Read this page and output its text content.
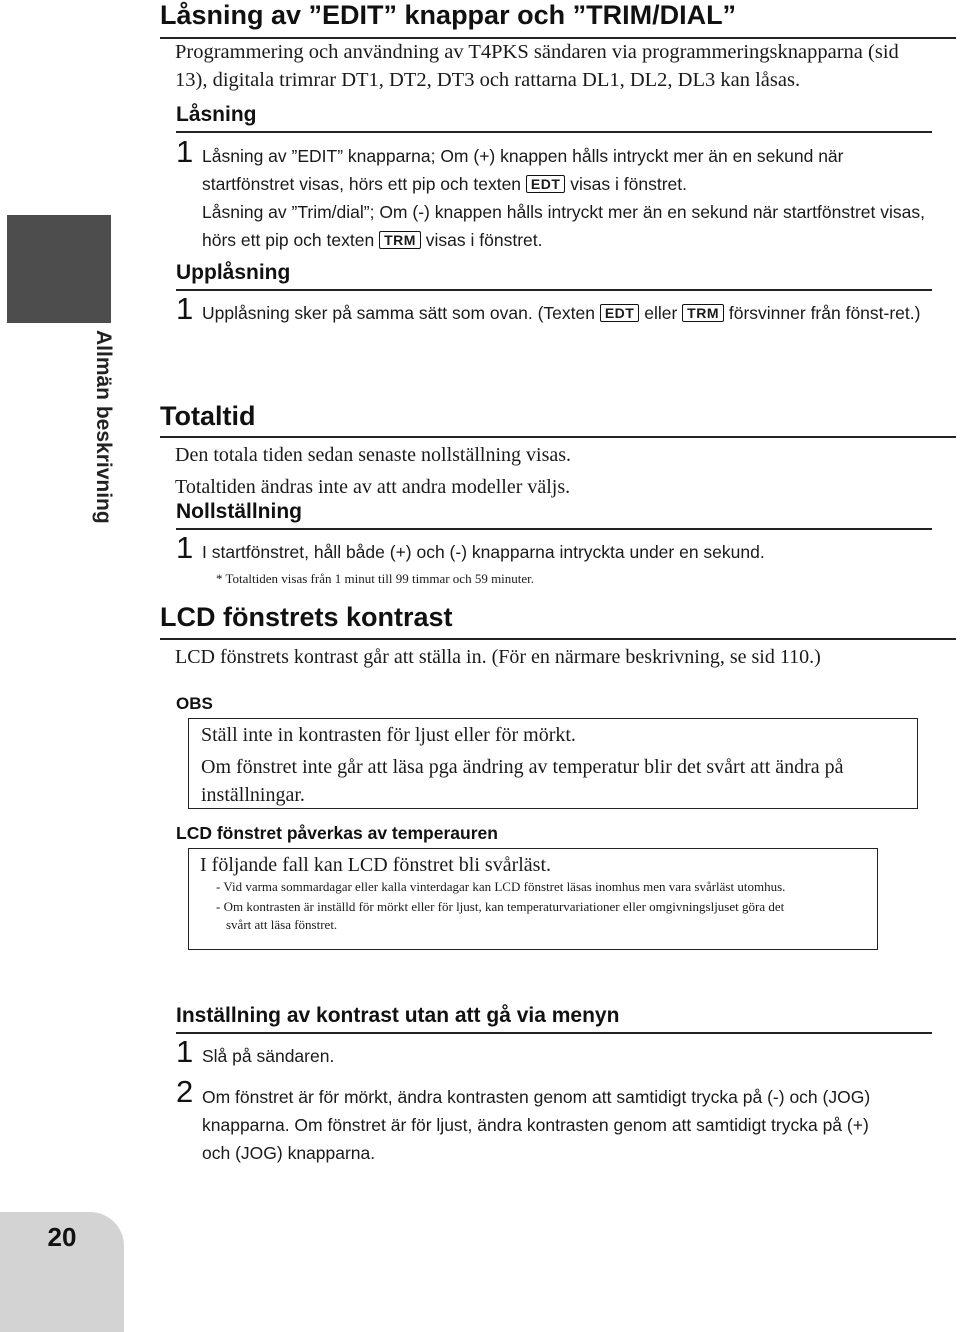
Allmän beskrivning
Låsning av ”EDIT” knappar och ”TRIM/DIAL”
Programmering och användning av T4PKS sändaren via programmeringsknapparna (sid 13), digitala trimrar DT1, DT2, DT3 och rattarna DL1, DL2, DL3 kan låsas.
Låsning
1 Låsning av ”EDIT” knapparna; Om (+) knappen hålls intryckt mer än en sekund när startfönstret visas, hörs ett pip och texten EDT visas i fönstret.
Låsning av ”Trim/dial”; Om (-) knappen hålls intryckt mer än en sekund när startfönstret visas, hörs ett pip och texten TRM visas i fönstret.
Upplåsning
1 Upplåsning sker på samma sätt som ovan. (Texten EDT eller TRM försvinner från fönst-ret.)
Totaltid
Den totala tiden sedan senaste nollställning visas.
Totaltiden ändras inte av att andra modeller väljs.
Nollställning
1 I startfönstret, håll både (+) och (-) knapparna intryckta under en sekund.
* Totaltiden visas från 1 minut till 99 timmar och 59 minuter.
LCD fönstrets kontrast
LCD fönstrets kontrast går att ställa in. (För en närmare beskrivning, se sid 110.)
OBS
Ställ inte in kontrasten för ljust eller för mörkt.
Om fönstret inte går att läsa pga ändring av temperatur blir det svårt att ändra på inställningar.
LCD fönstret påverkas av temperauren
I följande fall kan LCD fönstret bli svårläst.
- Vid varma sommardagar eller kalla vinterdagar kan LCD fönstret läsas inomhus men vara svårläst utomhus.
- Om kontrasten är inställd för mörkt eller för ljust, kan temperaturvariationer eller omgivningsljuset göra det
svårt att läsa fönstret.
Inställning av kontrast utan att gå via menyn
1 Slå på sändaren.
2 Om fönstret är för mörkt, ändra kontrasten genom att samtidigt trycka på (-) och (JOG) knapparna. Om fönstret är för ljust, ändra kontrasten genom att samtidigt trycka på (+) och (JOG) knapparna.
20
